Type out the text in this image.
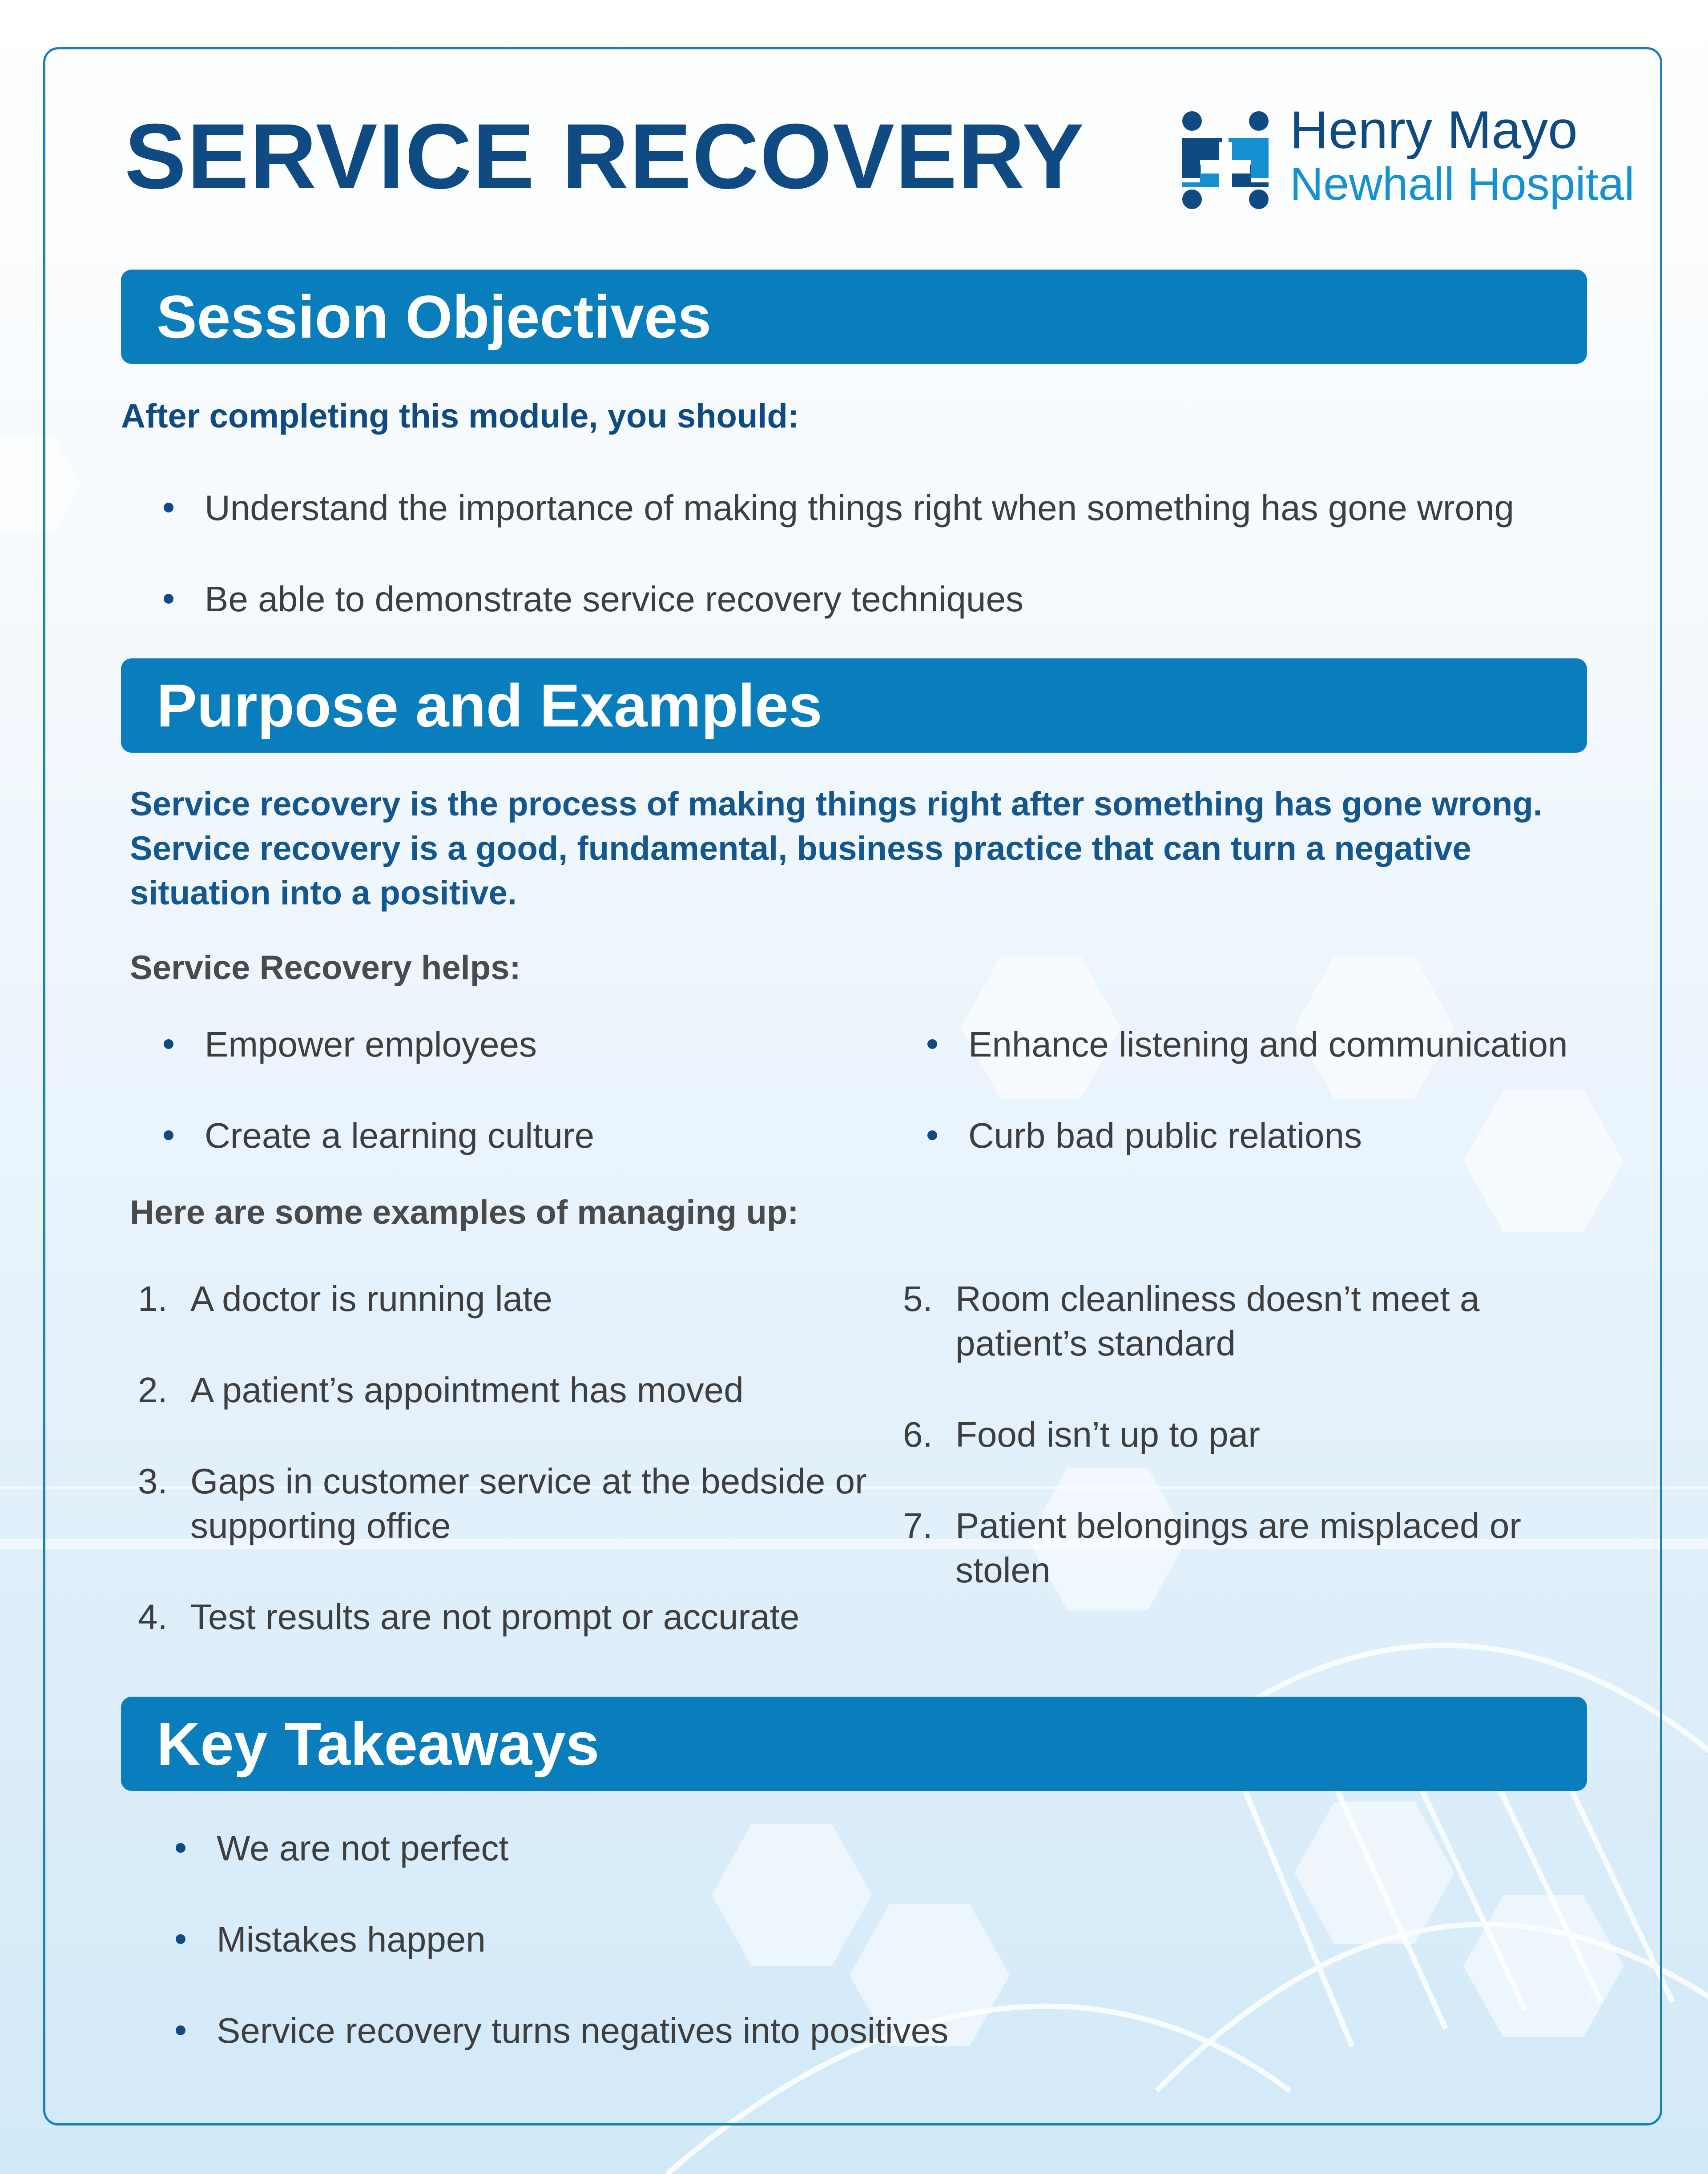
SERVICE RECOVERY	Henry Mayo
Newhall Hospital
Session Objectives
After completing this module, you should:
Understand the importance of making things right when something has gone wrong
Be able to demonstrate service recovery techniques
Purpose and Examples
Service recovery is the process of making things right after something has gone wrong. Service recovery is a good, fundamental, business practice that can turn a negative situation into a positive.
Service Recovery helps:
Empower employees
Create a learning culture
Enhance listening and communication
Curb bad public relations
Here are some examples of managing up:
1. A doctor is running late
2. A patient’s appointment has moved
3. Gaps in customer service at the bedside or supporting office
4. Test results are not prompt or accurate
5. Room cleanliness doesn’t meet a patient’s standard
6. Food isn’t up to par
7. Patient belongings are misplaced or stolen
Key Takeaways
We are not perfect
Mistakes happen
Service recovery turns negatives into positives
